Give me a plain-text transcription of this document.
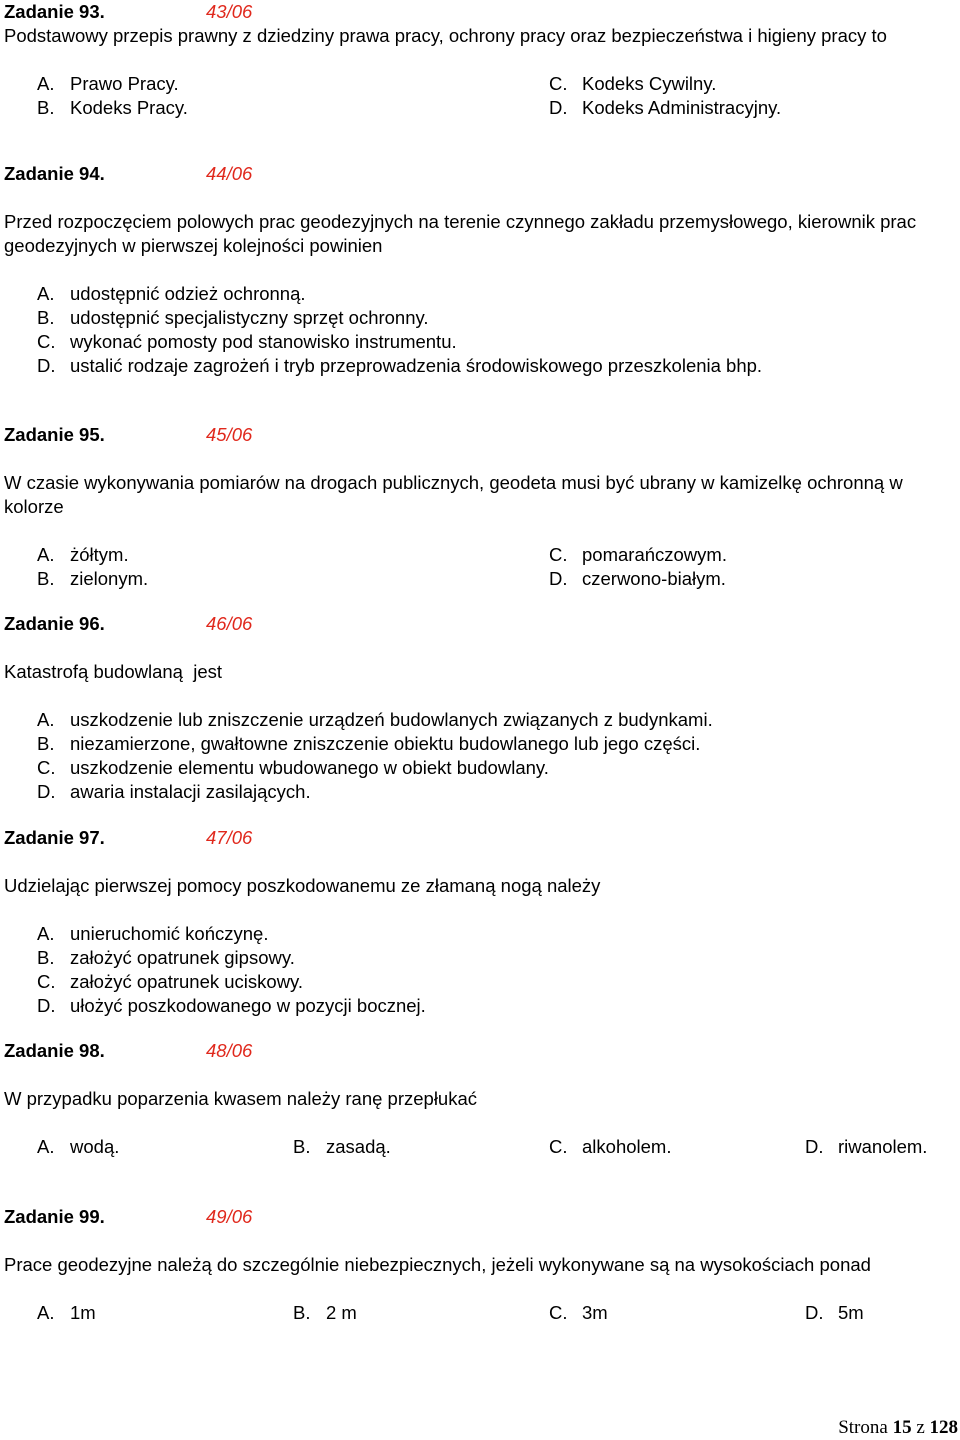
Zadanie 93.	43/06

Podstawowy przepis prawny z dziedziny prawa pracy, ochrony pracy oraz bezpieczeństwa i higieny pracy to

A. Prawo Pracy.
B. Kodeks Pracy.
C. Kodeks Cywilny.
D. Kodeks Administracyjny.
Zadanie 94.	44/06

Przed rozpoczęciem polowych prac geodezyjnych na terenie czynnego zakładu przemysłowego, kierownik prac geodezyjnych w pierwszej kolejności powinien

A. udostępnić odzież ochronną.
B. udostępnić specjalistyczny sprzęt ochronny.
C. wykonać pomosty pod stanowisko instrumentu.
D. ustalić rodzaje zagrożeń i tryb przeprowadzenia środowiskowego przeszkolenia bhp.
Zadanie 95.	45/06

W czasie wykonywania pomiarów na drogach publicznych, geodeta musi być ubrany w kamizelkę ochronną w kolorze

A. żółtym.
B. zielonym.
C. pomarańczowym.
D. czerwono-białym.
Zadanie 96.	46/06

Katastrofą budowlaną  jest

A. uszkodzenie lub zniszczenie urządzeń budowlanych związanych z budynkami.
B. niezamierzone, gwałtowne zniszczenie obiektu budowlanego lub jego części.
C. uszkodzenie elementu wbudowanego w obiekt budowlany.
D. awaria instalacji zasilających.
Zadanie 97.	47/06

Udzielając pierwszej pomocy poszkodowanemu ze złamaną nogą należy

A. unieruchomić kończynę.
B. założyć opatrunek gipsowy.
C. założyć opatrunek uciskowy.
D. ułożyć poszkodowanego w pozycji bocznej.
Zadanie 98.	48/06

W przypadku poparzenia kwasem należy ranę przepłukać

A. wodą.	B. zasadą.	C. alkoholem.	D. riwanolem.
Zadanie 99.	49/06

Prace geodezyjne należą do szczególnie niebezpiecznych, jeżeli wykonywane są na wysokościach ponad

A. 1m	B. 2 m	C. 3m	D. 5m
Strona 15 z 128
